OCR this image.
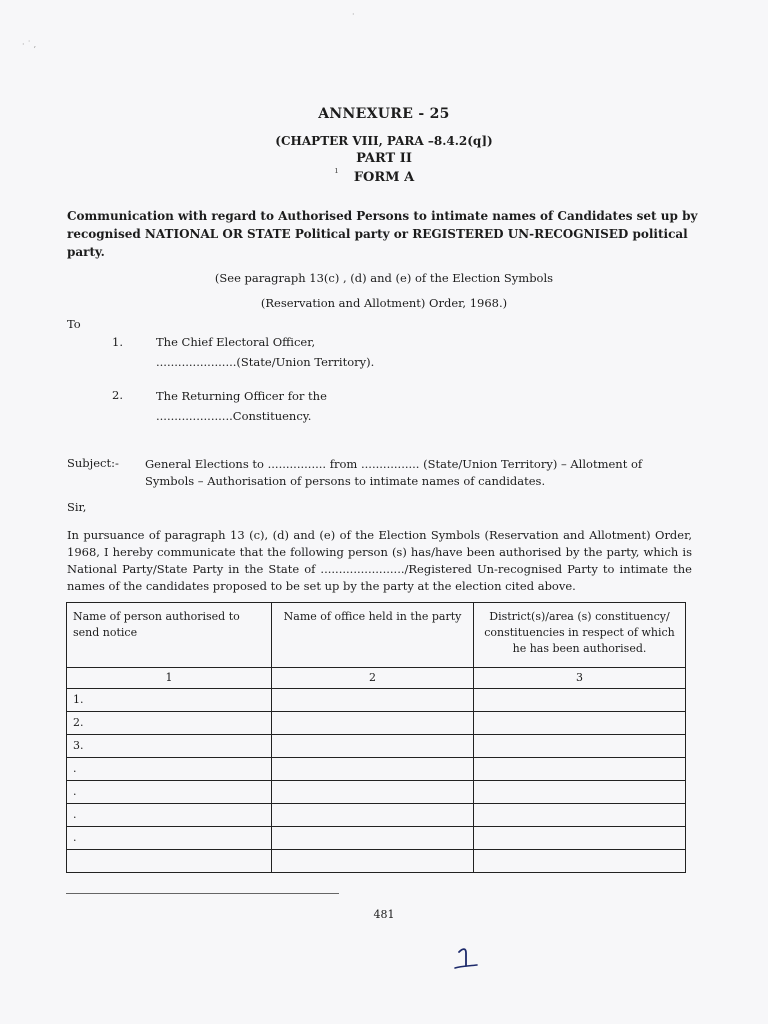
· ˙ ,
·
ANNEXURE - 25
(CHAPTER VIII, PARA –8.4.2(q])
PART II
ı	FORM A
Communication with regard to Authorised Persons to intimate names of Candidates set up by recognised NATIONAL OR STATE Political party or REGISTERED UN-RECOGNISED political party.
(See paragraph 13(c) , (d) and (e) of the Election Symbols
(Reservation and Allotment) Order, 1968.)
To
1.	The Chief Electoral Officer,
......................(State/Union Territory).
2.	The Returning Officer for the
.....................Constituency.
Subject:- General Elections to ................ from ................ (State/Union Territory) – Allotment of Symbols – Authorisation of persons to intimate names of candidates.
Sir,
In pursuance of paragraph 13 (c), (d) and (e) of the Election Symbols (Reservation and Allotment) Order, 1968, I hereby communicate that the following person (s) has/have been authorised by the party, which is National Party/State Party in the State of ......................./Registered Un-recognised Party to intimate the names of the candidates proposed to be set up by the party at the election cited above.
Name of person authorised to send notice	Name of office held in the party	District(s)/area (s) constituency/ constituencies in respect of which he has been authorised.
1	2	3
1.		
2.		
3.		
.		
.		
.		
.		

481
